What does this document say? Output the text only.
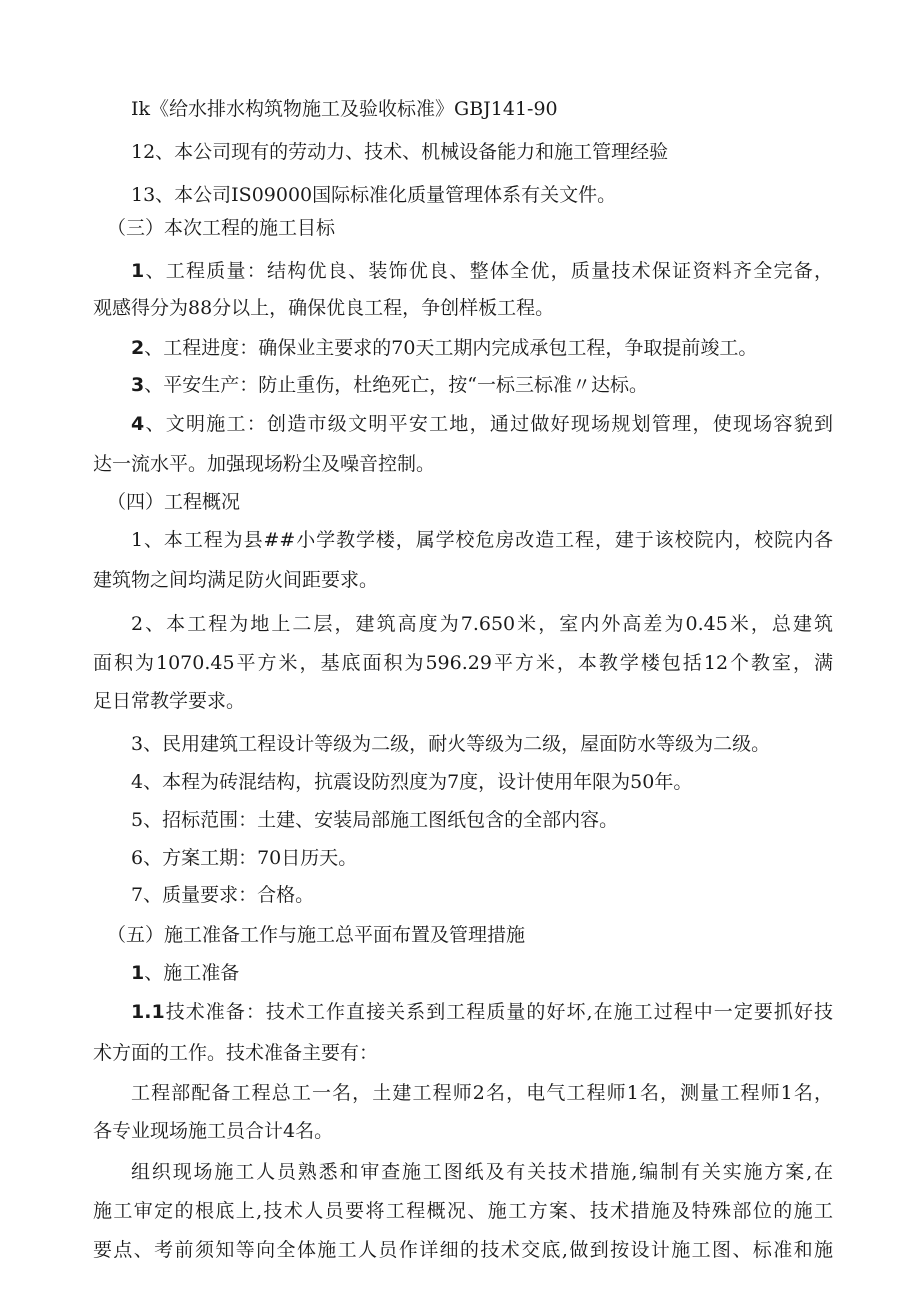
Ik《给水排水构筑物施工及验收标准》GBJ141-90
12、本公司现有的劳动力、技术、机械设备能力和施工管理经验
13、本公司IS09000国际标准化质量管理体系有关文件。
（三）本次工程的施工目标
1、工程质量：结构优良、装饰优良、整体全优，质量技术保证资料齐全完备，
观感得分为88分以上，确保优良工程，争创样板工程。
2、工程进度：确保业主要求的70天工期内完成承包工程，争取提前竣工。
3、平安生产：防止重伤，杜绝死亡，按“一标三标准〃达标。
4、文明施工：创造市级文明平安工地，通过做好现场规划管理，使现场容貌到
达一流水平。加强现场粉尘及噪音控制。
（四）工程概况
1、本工程为县##小学教学楼，属学校危房改造工程，建于该校院内，校院内各
建筑物之间均满足防火间距要求。
2、本工程为地上二层，建筑高度为7.650米，室内外高差为0.45米，总建筑
面积为1070.45平方米，基底面积为596.29平方米，本教学楼包括12个教室，满
足日常教学要求。
3、民用建筑工程设计等级为二级，耐火等级为二级，屋面防水等级为二级。
4、本程为砖混结构，抗震设防烈度为7度，设计使用年限为50年。
5、招标范围：土建、安装局部施工图纸包含的全部内容。
6、方案工期：70日历天。
7、质量要求：合格。
（五）施工准备工作与施工总平面布置及管理措施
1、施工准备
1.1技术准备：技术工作直接关系到工程质量的好坏,在施工过程中一定要抓好技
术方面的工作。技术准备主要有：
工程部配备工程总工一名，土建工程师2名，电气工程师1名，测量工程师1名，
各专业现场施工员合计4名。
组织现场施工人员熟悉和审查施工图纸及有关技术措施,编制有关实施方案,在
施工审定的根底上,技术人员要将工程概况、施工方案、技术措施及特殊部位的施工
要点、考前须知等向全体施工人员作详细的技术交底,做到按设计施工图、标准和施
